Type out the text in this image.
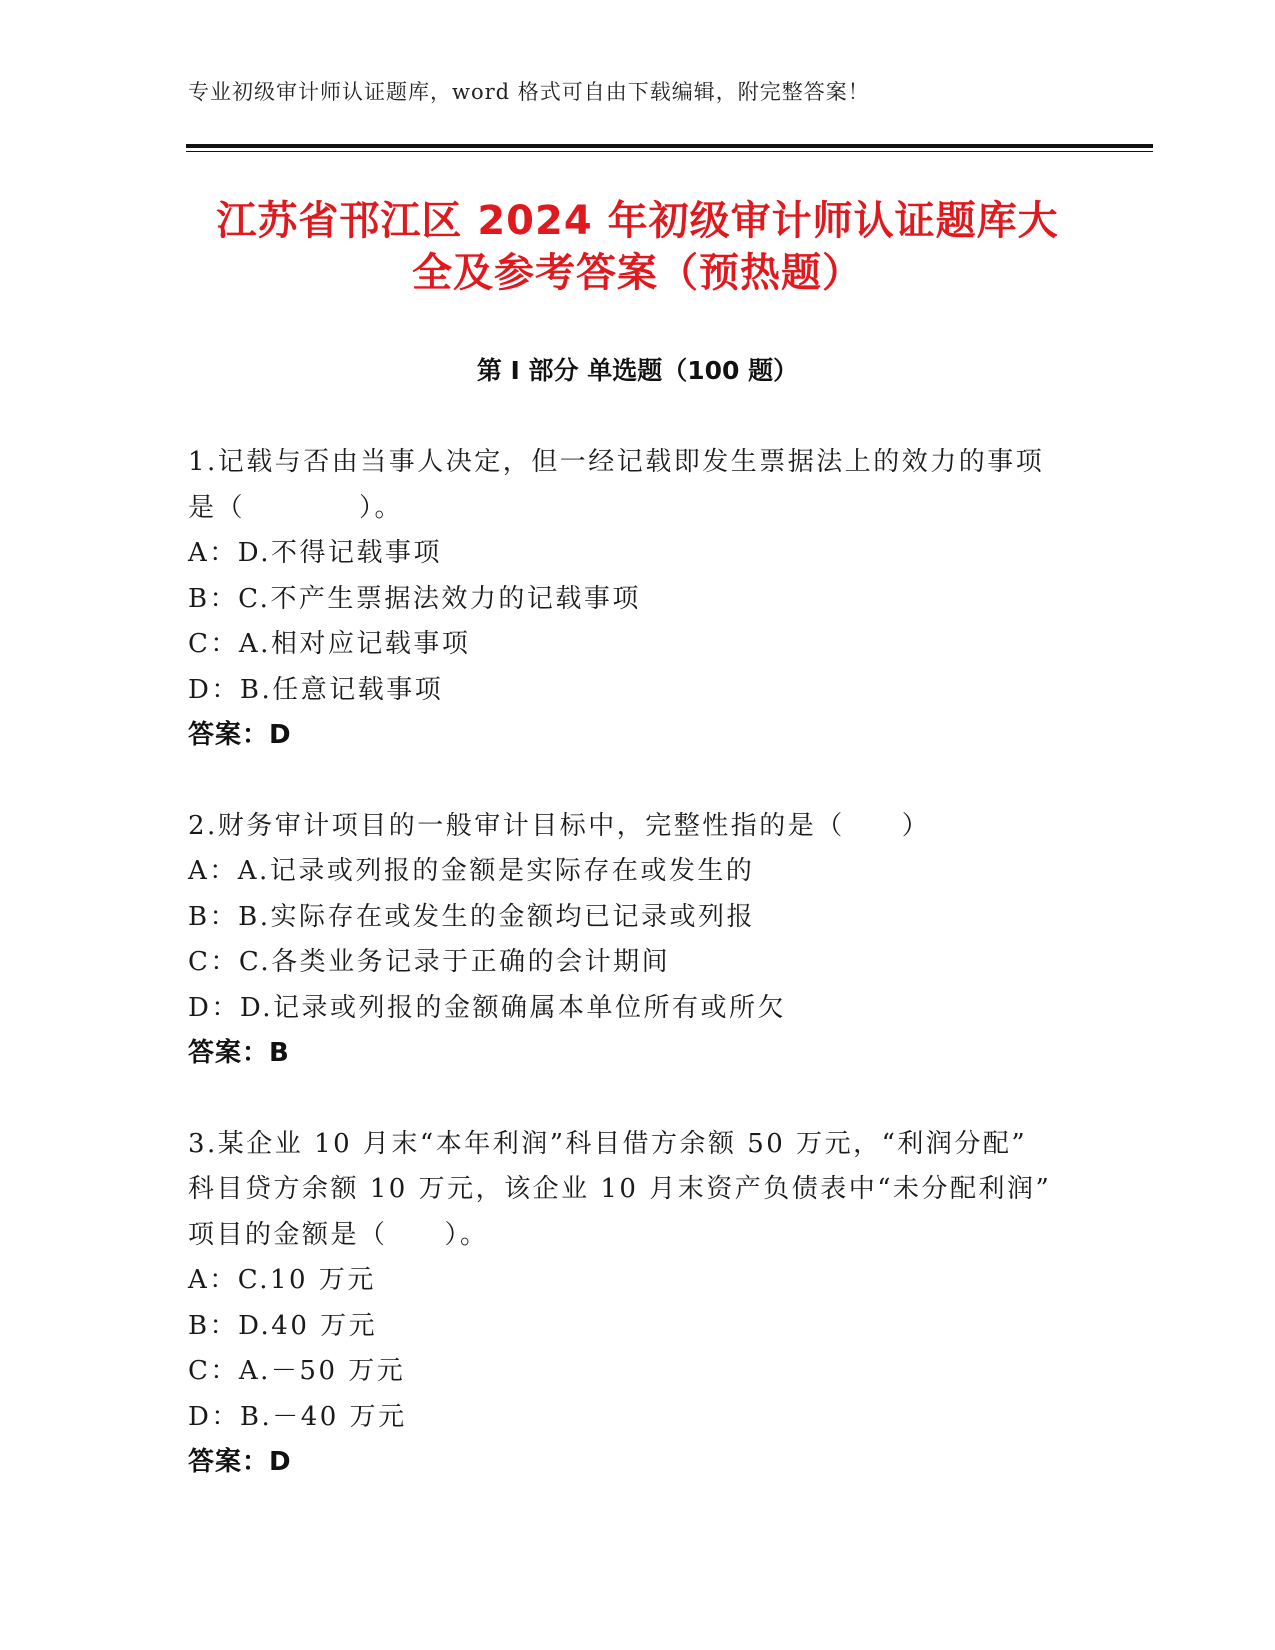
专业初级审计师认证题库，word 格式可自由下载编辑，附完整答案！
江苏省邗江区 2024 年初级审计师认证题库大
全及参考答案（预热题）
第 I 部分 单选题（100 题）
1.记载与否由当事人决定，但一经记载即发生票据法上的效力的事项
是（　　　　）。
A：D.不得记载事项
B：C.不产生票据法效力的记载事项
C：A.相对应记载事项
D：B.任意记载事项
答案：D
2.财务审计项目的一般审计目标中，完整性指的是（　　）
A：A.记录或列报的金额是实际存在或发生的
B：B.实际存在或发生的金额均已记录或列报
C：C.各类业务记录于正确的会计期间
D：D.记录或列报的金额确属本单位所有或所欠
答案：B
3.某企业 10 月末“本年利润”科目借方余额 50 万元，“利润分配”
科目贷方余额 10 万元，该企业 10 月末资产负债表中“未分配利润”
项目的金额是（　　）。
A：C.10 万元
B：D.40 万元
C：A.－50 万元
D：B.－40 万元
答案：D
